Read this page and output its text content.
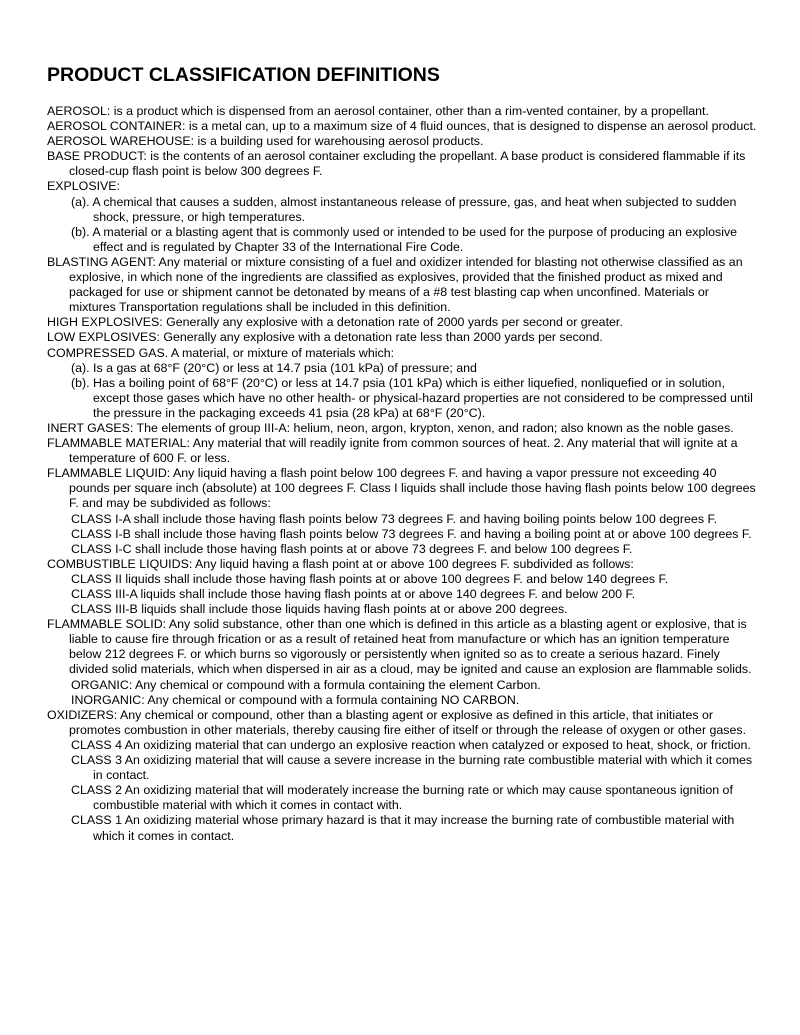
PRODUCT CLASSIFICATION DEFINITIONS

AEROSOL: is a product which is dispensed from an aerosol container, other than a rim-vented container, by a propellant.

AEROSOL CONTAINER: is a metal can, up to a maximum size of 4 fluid ounces, that is designed to dispense an aerosol product.

AEROSOL WAREHOUSE: is a building used for warehousing aerosol products.

BASE PRODUCT: is the contents of an aerosol container excluding the propellant. A base product is considered flammable if its closed-cup flash point is below 300 degrees F.

EXPLOSIVE:

(a). A chemical that causes a sudden, almost instantaneous release of pressure, gas, and heat when subjected to sudden shock, pressure, or high temperatures.

(b). A material or a blasting agent that is commonly used or intended to be used for the purpose of producing an explosive effect and is regulated by Chapter 33 of the International Fire Code.

BLASTING AGENT: Any material or mixture consisting of a fuel and oxidizer intended for blasting not otherwise classified as an explosive, in which none of the ingredients are classified as explosives, provided that the finished product as mixed and packaged for use or shipment cannot be detonated by means of a #8 test blasting cap when unconfined. Materials or mixtures Transportation regulations shall be included in this definition.

HIGH EXPLOSIVES: Generally any explosive with a detonation rate of 2000 yards per second or greater.

LOW EXPLOSIVES: Generally any explosive with a detonation rate less than 2000 yards per second.

COMPRESSED GAS. A material, or mixture of materials which:

(a). Is a gas at 68°F (20°C) or less at 14.7 psia (101 kPa) of pressure; and

(b). Has a boiling point of 68°F (20°C) or less at 14.7 psia (101 kPa) which is either liquefied, nonliquefied or in solution, except those gases which have no other health- or physical-hazard properties are not considered to be compressed until the pressure in the packaging exceeds 41 psia (28 kPa) at 68°F (20°C).

INERT GASES: The elements of group III-A: helium, neon, argon, krypton, xenon, and radon; also known as the noble gases.

FLAMMABLE MATERIAL: Any material that will readily ignite from common sources of heat. 2. Any material that will ignite at a temperature of 600 F. or less.

FLAMMABLE LIQUID: Any liquid having a flash point below 100 degrees F. and having a vapor pressure not exceeding 40 pounds per square inch (absolute) at 100 degrees F. Class I liquids shall include those having flash points below 100 degrees F. and may be subdivided as follows:

CLASS I-A shall include those having flash points below 73 degrees F. and having boiling points below 100 degrees F.

CLASS I-B shall include those having flash points below 73 degrees F. and having a boiling point at or above 100 degrees F.

CLASS I-C shall include those having flash points at or above 73 degrees F. and below 100 degrees F.

COMBUSTIBLE LIQUIDS: Any liquid having a flash point at or above 100 degrees F. subdivided as follows:

CLASS II liquids shall include those having flash points at or above 100 degrees F. and below 140 degrees F.

CLASS III-A liquids shall include those having flash points at or above 140 degrees F. and below 200 F.

CLASS III-B liquids shall include those liquids having flash points at or above 200 degrees.

FLAMMABLE SOLID: Any solid substance, other than one which is defined in this article as a blasting agent or explosive, that is liable to cause fire through frication or as a result of retained heat from manufacture or which has an ignition temperature below 212 degrees F. or which burns so vigorously or persistently when ignited so as to create a serious hazard. Finely divided solid materials, which when dispersed in air as a cloud, may be ignited and cause an explosion are flammable solids.

ORGANIC: Any chemical or compound with a formula containing the element Carbon.

INORGANIC: Any chemical or compound with a formula containing NO CARBON.

OXIDIZERS: Any chemical or compound, other than a blasting agent or explosive as defined in this article, that initiates or promotes combustion in other materials, thereby causing fire either of itself or through the release of oxygen or other gases.

CLASS 4 An oxidizing material that can undergo an explosive reaction when catalyzed or exposed to heat, shock, or friction.

CLASS 3 An oxidizing material that will cause a severe increase in the burning rate combustible material with which it comes in contact.

CLASS 2 An oxidizing material that will moderately increase the burning rate or which may cause spontaneous ignition of combustible material with which it comes in contact with.

CLASS 1 An oxidizing material whose primary hazard is that it may increase the burning rate of combustible material with which it comes in contact.
